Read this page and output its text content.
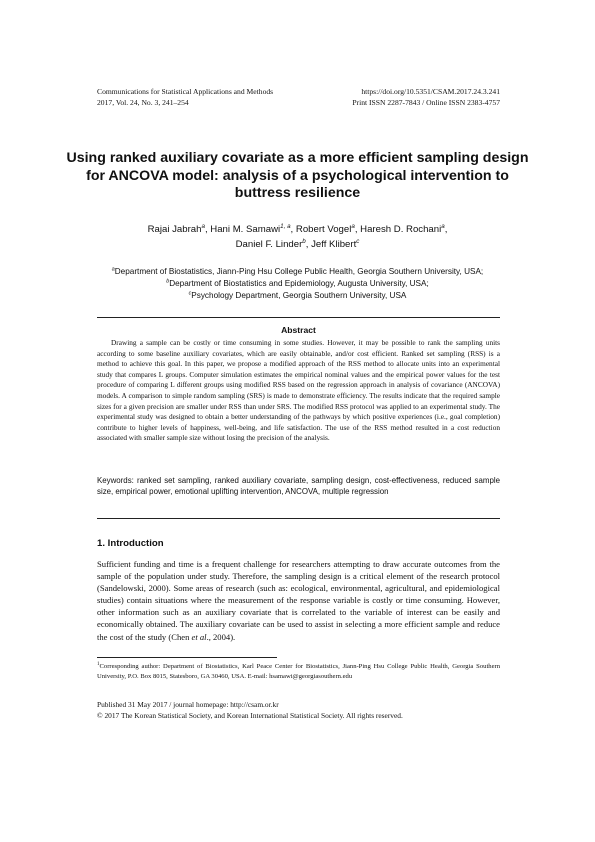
Communications for Statistical Applications and Methods
2017, Vol. 24, No. 3, 241–254
https://doi.org/10.5351/CSAM.2017.24.3.241
Print ISSN 2287-7843 / Online ISSN 2383-4757
Using ranked auxiliary covariate as a more efficient sampling design for ANCOVA model: analysis of a psychological intervention to buttress resilience
Rajai Jabrah$^a$, Hani M. Samawi$^{1, a}$, Robert Vogel$^a$, Haresh D. Rochani$^a$,
Daniel F. Linder$^b$, Jeff Klibert$^c$
$^a$Department of Biostatistics, Jiann-Ping Hsu College Public Health, Georgia Southern University, USA; $^b$Department of Biostatistics and Epidemiology, Augusta University, USA;
$^c$Psychology Department, Georgia Southern University, USA
Abstract
Drawing a sample can be costly or time consuming in some studies. However, it may be possible to rank the sampling units according to some baseline auxiliary covariates, which are easily obtainable, and/or cost efficient. Ranked set sampling (RSS) is a method to achieve this goal. In this paper, we propose a modified approach of the RSS method to allocate units into an experimental study that compares L groups. Computer simulation estimates the empirical nominal values and the empirical power values for the test procedure of comparing L different groups using modified RSS based on the regression approach in analysis of covariance (ANCOVA) models. A comparison to simple random sampling (SRS) is made to demonstrate efficiency. The results indicate that the required sample sizes for a given precision are smaller under RSS than under SRS. The modified RSS protocol was applied to an experimental study. The experimental study was designed to obtain a better understanding of the pathways by which positive experiences (i.e., goal completion) contribute to higher levels of happiness, well-being, and life satisfaction. The use of the RSS method resulted in a cost reduction associated with smaller sample size without losing the precision of the analysis.
Keywords: ranked set sampling, ranked auxiliary covariate, sampling design, cost-effectiveness, reduced sample size, empirical power, emotional uplifting intervention, ANCOVA, multiple regression
1. Introduction
Sufficient funding and time is a frequent challenge for researchers attempting to draw accurate outcomes from the sample of the population under study. Therefore, the sampling design is a critical element of the research protocol (Sandelowski, 2000). Some areas of research (such as: ecological, environmental, agricultural, and epidemiological studies) contain situations where the measurement of the response variable is costly or time consuming. However, other information such as an auxiliary covariate that is correlated to the variable of interest can be easily and economically obtained. The auxiliary covariate can be used to assist in selecting a more efficient sample and reduce the cost of the study (Chen et al., 2004).
$^1$Corresponding author: Department of Biostatistics, Karl Peace Center for Biostatistics, Jiann-Ping Hsu College Public Health, Georgia Southern University, P.O. Box 8015, Statesboro, GA 30460, USA. E-mail: hsamawi@georgiasouthern.edu
Published 31 May 2017 / journal homepage: http://csam.or.kr
© 2017 The Korean Statistical Society, and Korean International Statistical Society. All rights reserved.
